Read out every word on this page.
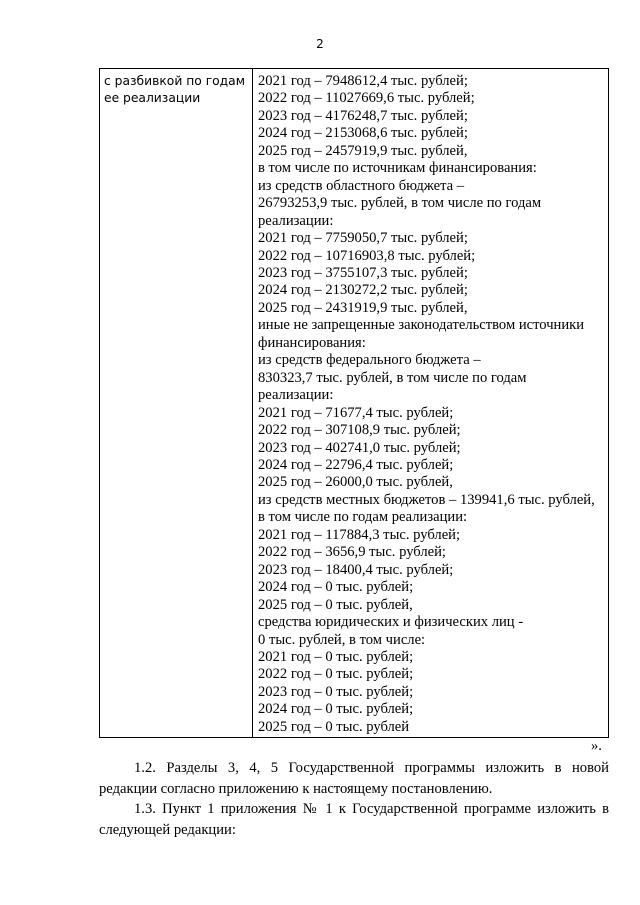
2
с разбивкой по годам
ее реализации
2021 год – 7948612,4 тыс. рублей;
2022 год – 11027669,6 тыс. рублей;
2023 год – 4176248,7 тыс. рублей;
2024 год – 2153068,6 тыс. рублей;
2025 год – 2457919,9 тыс. рублей,
в том числе по источникам финансирования:
из средств областного бюджета –
26793253,9 тыс. рублей, в том числе по годам
реализации:
2021 год – 7759050,7 тыс. рублей;
2022 год – 10716903,8 тыс. рублей;
2023 год – 3755107,3 тыс. рублей;
2024 год – 2130272,2 тыс. рублей;
2025 год – 2431919,9 тыс. рублей,
иные не запрещенные законодательством источники
финансирования:
из средств федерального бюджета –
830323,7 тыс. рублей, в том числе по годам
реализации:
2021 год – 71677,4 тыс. рублей;
2022 год – 307108,9 тыс. рублей;
2023 год – 402741,0 тыс. рублей;
2024 год – 22796,4 тыс. рублей;
2025 год – 26000,0 тыс. рублей,
из средств местных бюджетов – 139941,6 тыс. рублей,
в том числе по годам реализации:
2021 год – 117884,3 тыс. рублей;
2022 год – 3656,9 тыс. рублей;
2023 год – 18400,4 тыс. рублей;
2024 год – 0 тыс. рублей;
2025 год – 0 тыс. рублей,
средства юридических и физических лиц -
0 тыс. рублей, в том числе:
2021 год – 0 тыс. рублей;
2022 год – 0 тыс. рублей;
2023 год – 0 тыс. рублей;
2024 год – 0 тыс. рублей;
2025 год – 0 тыс. рублей
».

1.2. Разделы 3, 4, 5 Государственной программы изложить в новой редакции согласно приложению к настоящему постановлению.

1.3. Пункт 1 приложения № 1 к Государственной программе изложить в следующей редакции:
